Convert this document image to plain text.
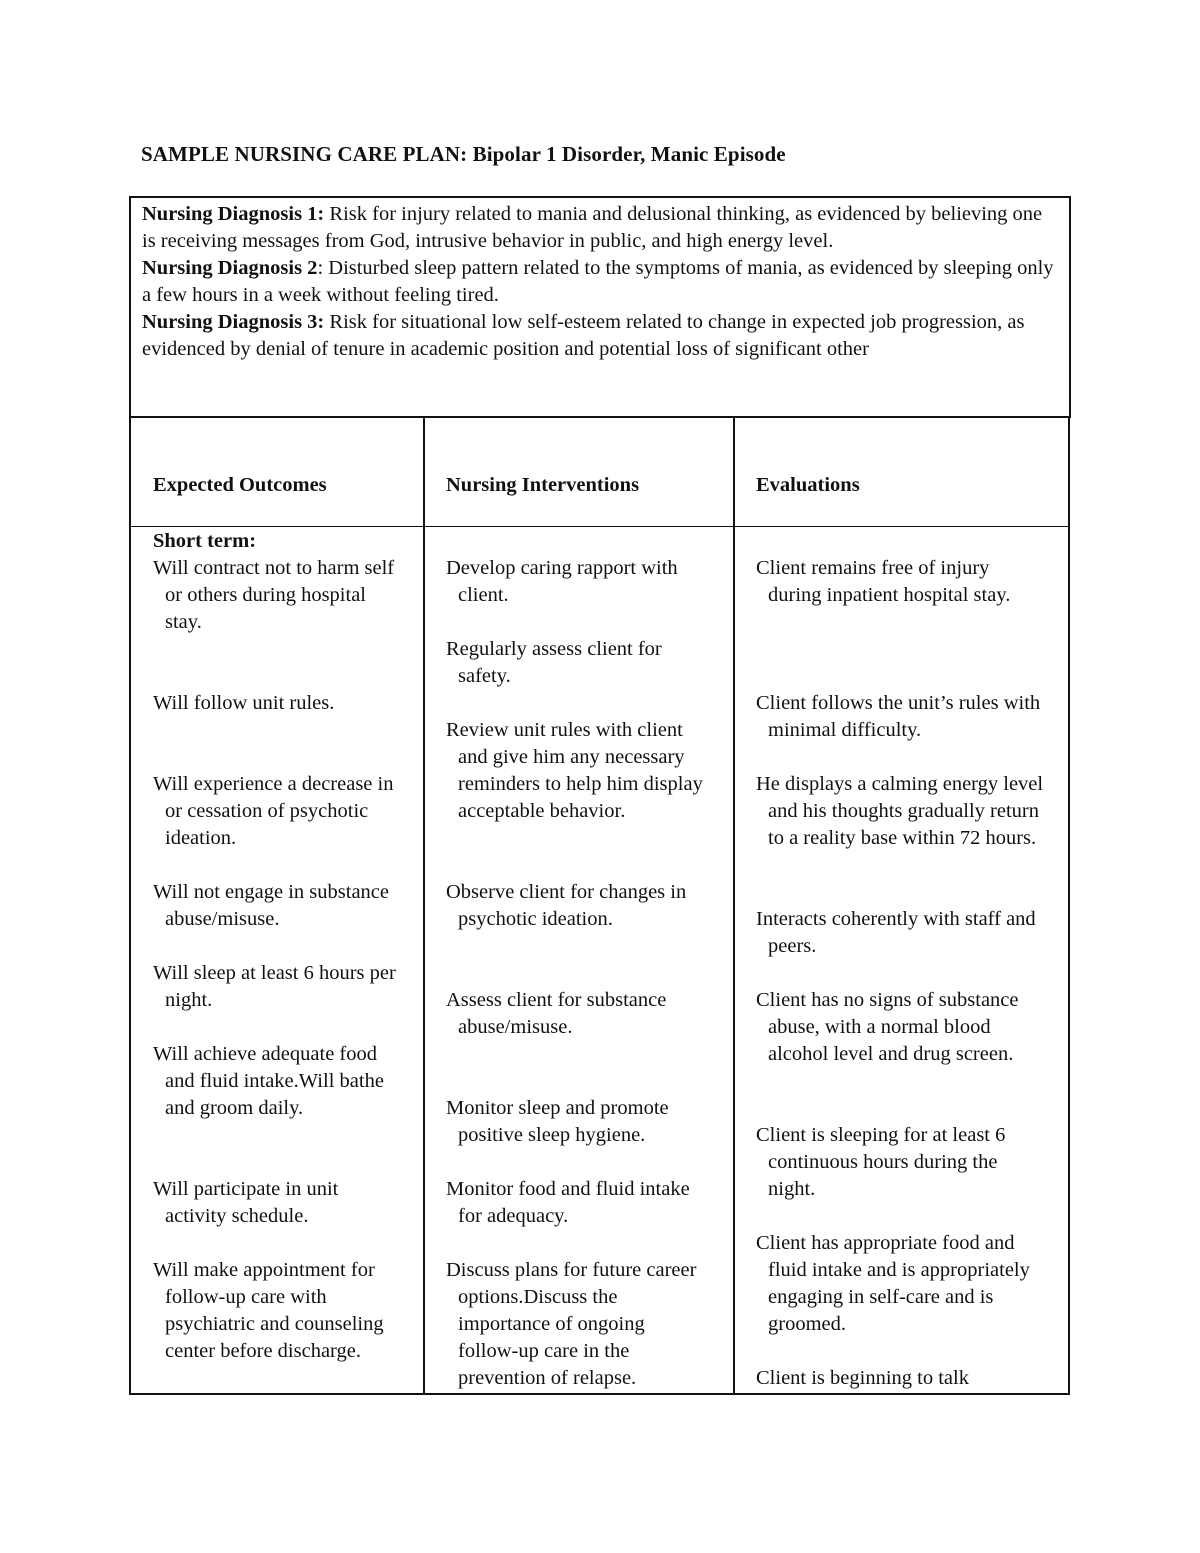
SAMPLE NURSING CARE PLAN: Bipolar 1 Disorder, Manic Episode

Nursing Diagnosis 1: Risk for injury related to mania and delusional thinking, as evidenced by believing one is receiving messages from God, intrusive behavior in public, and high energy level.

Nursing Diagnosis 2: Disturbed sleep pattern related to the symptoms of mania, as evidenced by sleeping only a few hours in a week without feeling tired.

Nursing Diagnosis 3: Risk for situational low self-esteem related to change in expected job progression, as evidenced by denial of tenure in academic position and potential loss of significant other

Expected Outcomes	Nursing Interventions	Evaluations
Short term:

Will contract not to harm self or others during hospital stay.

Will follow unit rules.

Will experience a decrease in or cessation of psychotic ideation.

Will not engage in substance abuse/misuse.

Will sleep at least 6 hours per night.

Will achieve adequate food and fluid intake.Will bathe and groom daily.

Will participate in unit activity schedule.

Will make appointment for follow-up care with psychiatric and counseling center before discharge.

Develop caring rapport with client.

Regularly assess client for safety.

Review unit rules with client and give him any necessary reminders to help him display acceptable behavior.

Observe client for changes in psychotic ideation.

Assess client for substance abuse/misuse.

Monitor sleep and promote positive sleep hygiene.

Monitor food and fluid intake for adequacy.

Discuss plans for future career options.Discuss the importance of ongoing follow-up care in the prevention of relapse.

Client remains free of injury during inpatient hospital stay.

Client follows the unit’s rules with minimal difficulty.

He displays a calming energy level and his thoughts gradually return to a reality base within 72 hours.

Interacts coherently with staff and peers.

Client has no signs of substance abuse, with a normal blood alcohol level and drug screen.

Client is sleeping for at least 6 continuous hours during the night.

Client has appropriate food and fluid intake and is appropriately engaging in self-care and is groomed.

Client is beginning to talk
